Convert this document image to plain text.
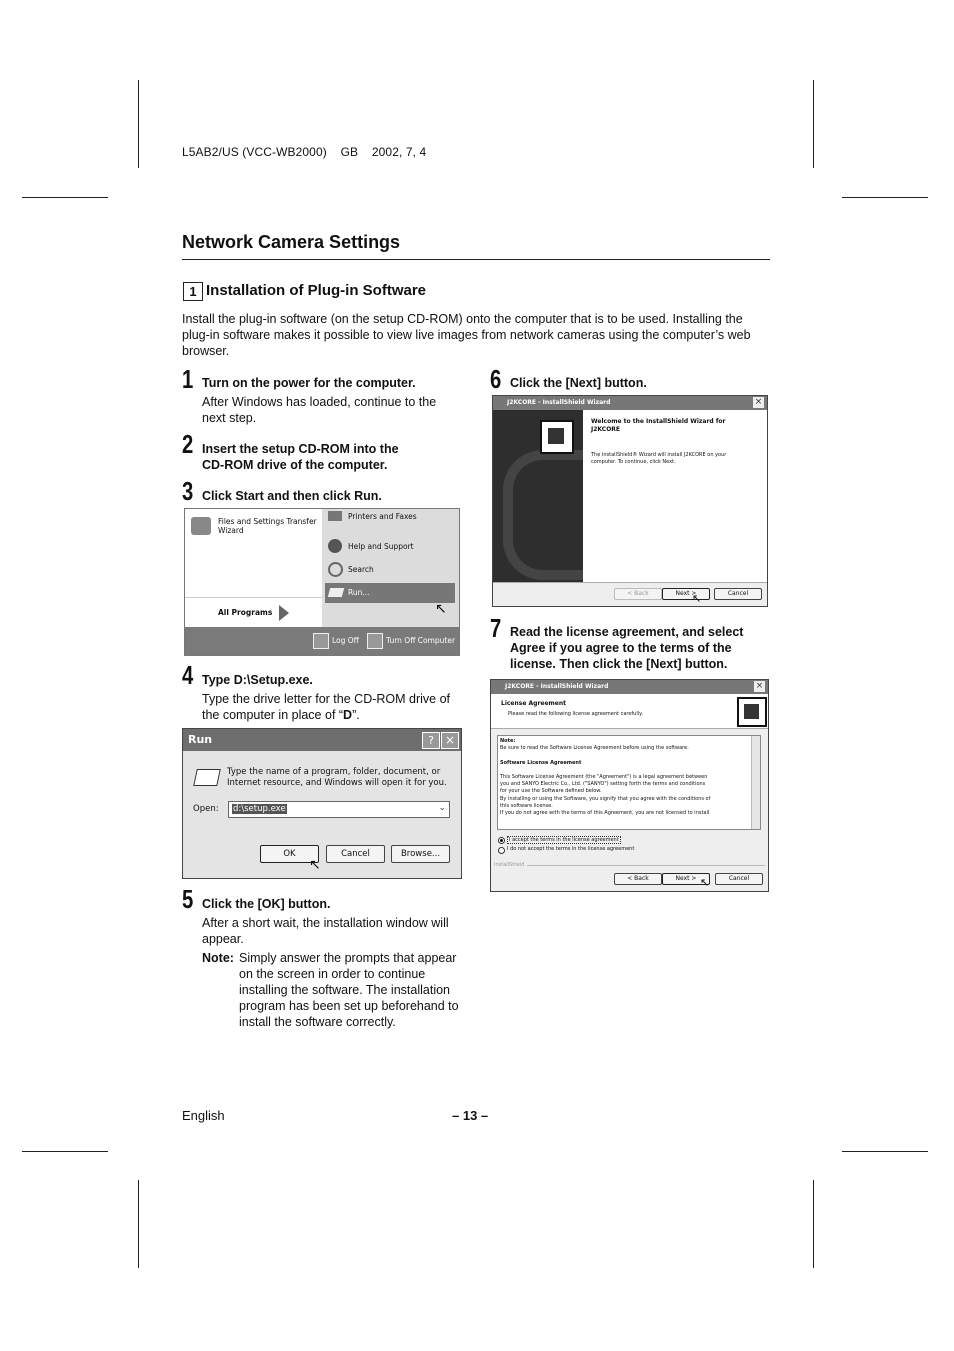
L5AB2/US (VCC-WB2000) GB 2002, 7, 4
Network Camera Settings
1 Installation of Plug-in Software
Install the plug-in software (on the setup CD-ROM) onto the computer that is to be used. Installing the plug-in software makes it possible to view live images from network cameras using the computer’s web browser.
1 Turn on the power for the computer.
After Windows has loaded, continue to the next step.
2 Insert the setup CD-ROM into the CD-ROM drive of the computer.
3 Click Start and then click Run.
Files and Settings Transfer Wizard
All Programs
Printers and Faxes
Help and Support
Search
Run...
↖
Log Off	Turn Off Computer
4 Type D:\Setup.exe.
Type the drive letter for the CD-ROM drive of the computer in place of “D”.
Run	? ×
Type the name of a program, folder, document, or Internet resource, and Windows will open it for you.
Open: d:\setup.exe	⌄
OK	Cancel	Browse...
↖
5 Click the [OK] button.
After a short wait, the installation window will appear.
Note: Simply answer the prompts that appear on the screen in order to continue installing the software. The installation program has been set up beforehand to install the software correctly.
6 Click the [Next] button.
J2KCORE - InstallShield Wizard	×
Welcome to the InstallShield Wizard for J2KCORE
The InstallShield® Wizard will install J2KCORE on your computer. To continue, click Next.
< Back	Next >	Cancel
↖
7 Read the license agreement, and select Agree if you agree to the terms of the license. Then click the [Next] button.
J2KCORE - InstallShield Wizard	×
License Agreement
Please read the following license agreement carefully.
Note:
Be sure to read the Software License Agreement before using the software.

Software License Agreement

This Software License Agreement (the "Agreement") is a legal agreement between
you and SANYO Electric Co., Ltd. ("SANYO") setting forth the terms and conditions
for your use the Software defined below.
By installing or using the Software, you signify that you agree with the conditions of
this software license.
If you do not agree with the terms of this Agreement, you are not licensed to install
I accept the terms in the license agreement
I do not accept the terms in the license agreement
InstallShield
< Back	Next >	Cancel
↖
English	– 13 –
